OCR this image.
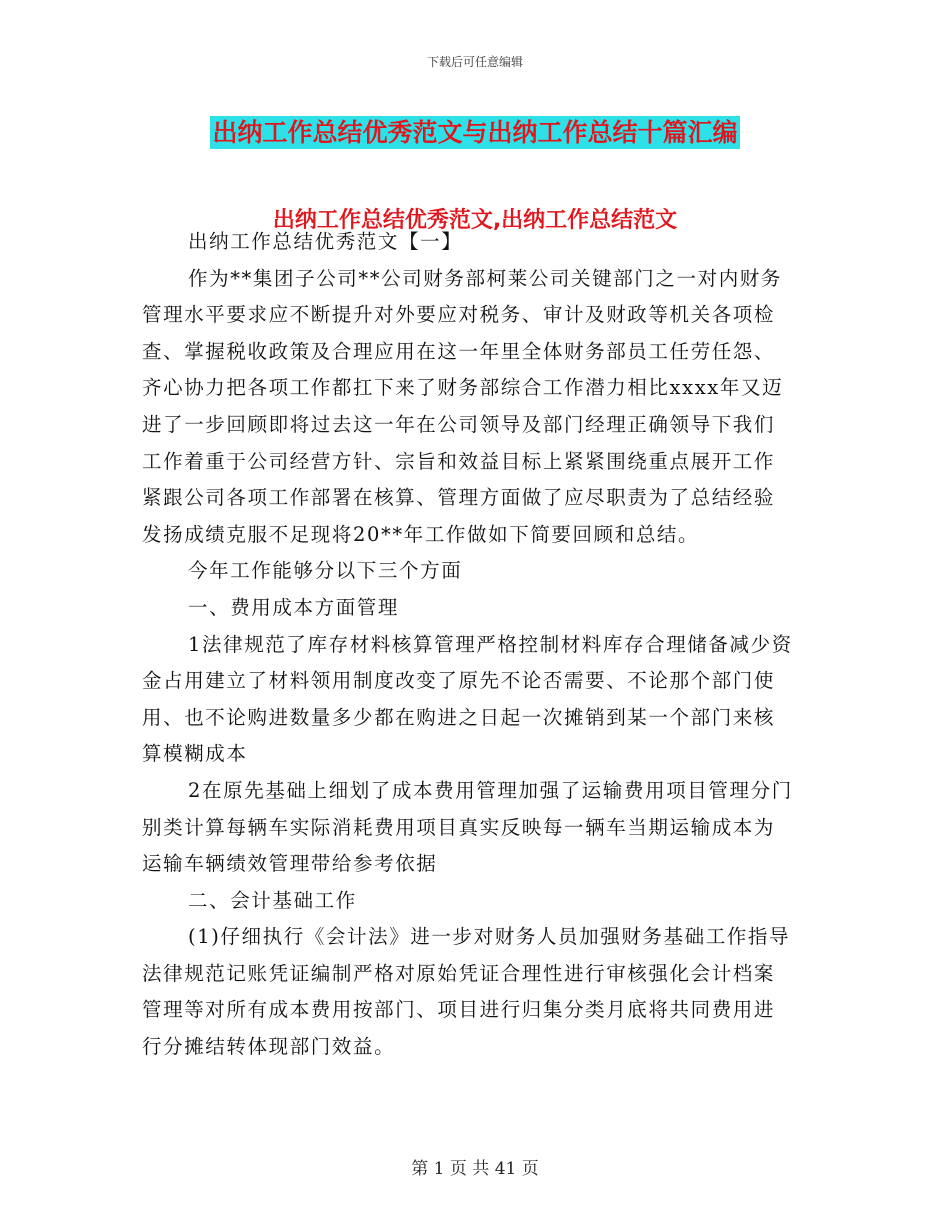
下载后可任意编辑
出纳工作总结优秀范文与出纳工作总结十篇汇编
出纳工作总结优秀范文,出纳工作总结范文
出纳工作总结优秀范文【一】
作为**集团子公司**公司财务部柯莱公司关键部门之一对内财务
管理水平要求应不断提升对外要应对税务、审计及财政等机关各项检
查、掌握税收政策及合理应用在这一年里全体财务部员工任劳任怨、
齐心协力把各项工作都扛下来了财务部综合工作潜力相比xxxx年又迈
进了一步回顾即将过去这一年在公司领导及部门经理正确领导下我们
工作着重于公司经营方针、宗旨和效益目标上紧紧围绕重点展开工作
紧跟公司各项工作部署在核算、管理方面做了应尽职责为了总结经验
发扬成绩克服不足现将20**年工作做如下简要回顾和总结。
今年工作能够分以下三个方面
一、费用成本方面管理
1法律规范了库存材料核算管理严格控制材料库存合理储备减少资
金占用建立了材料领用制度改变了原先不论否需要、不论那个部门使
用、也不论购进数量多少都在购进之日起一次摊销到某一个部门来核
算模糊成本
2在原先基础上细划了成本费用管理加强了运输费用项目管理分门
别类计算每辆车实际消耗费用项目真实反映每一辆车当期运输成本为
运输车辆绩效管理带给参考依据
二、会计基础工作
(1)仔细执行《会计法》进一步对财务人员加强财务基础工作指导
法律规范记账凭证编制严格对原始凭证合理性进行审核强化会计档案
管理等对所有成本费用按部门、项目进行归集分类月底将共同费用进
行分摊结转体现部门效益。
第 1 页 共 41 页
